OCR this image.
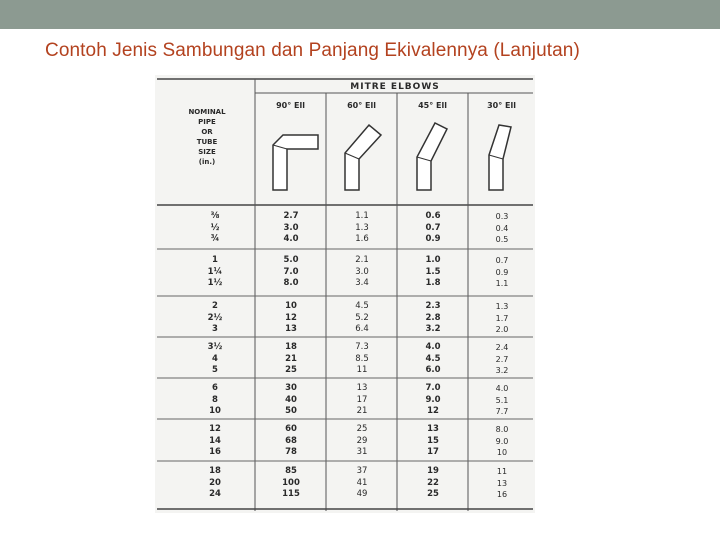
Contoh Jenis Sambungan dan Panjang Ekivalennya (Lanjutan)
MITRE ELBOWS
NOMINAL
PIPE
OR
TUBE
SIZE
(in.)
90° Ell	60° Ell	45° Ell	30° Ell
⅜	2.7	1.1	0.6	0.3
½	3.0	1.3	0.7	0.4
¾	4.0	1.6	0.9	0.5
1	5.0	2.1	1.0	0.7
1¼	7.0	3.0	1.5	0.9
1½	8.0	3.4	1.8	1.1
2	10	4.5	2.3	1.3
2½	12	5.2	2.8	1.7
3	13	6.4	3.2	2.0
3½	18	7.3	4.0	2.4
4	21	8.5	4.5	2.7
5	25	11	6.0	3.2
6	30	13	7.0	4.0
8	40	17	9.0	5.1
10	50	21	12	7.7
12	60	25	13	8.0
14	68	29	15	9.0
16	78	31	17	10
18	85	37	19	11
20	100	41	22	13
24	115	49	25	16
